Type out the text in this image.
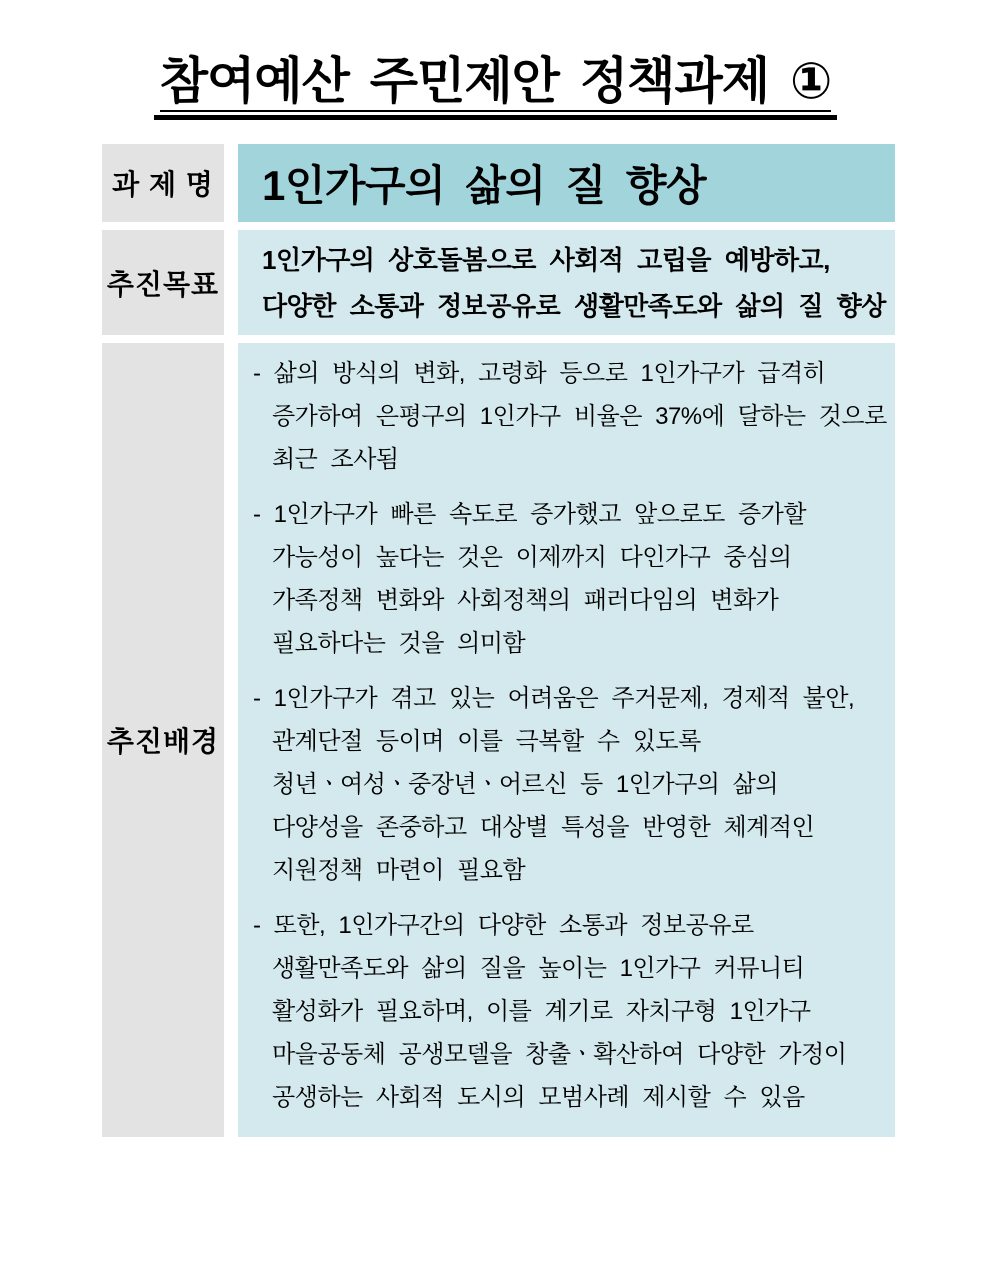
참여예산 주민제안 정책과제 ①
과 제 명 1인가구의 삶의 질 향상
추진목표
1인가구의 상호돌봄으로 사회적 고립을 예방하고,
다양한 소통과 정보공유로 생활만족도와 삶의 질 향상
추진배경
- 삶의 방식의 변화, 고령화 등으로 1인가구가 급격히
증가하여 은평구의 1인가구 비율은 37%에 달하는 것으로
최근 조사됨
- 1인가구가 빠른 속도로 증가했고 앞으로도 증가할
가능성이 높다는 것은 이제까지 다인가구 중심의
가족정책 변화와 사회정책의 패러다임의 변화가
필요하다는 것을 의미함
- 1인가구가 겪고 있는 어려움은 주거문제, 경제적 불안,
관계단절 등이며 이를 극복할 수 있도록
청년ㆍ여성ㆍ중장년ㆍ어르신 등 1인가구의 삶의
다양성을 존중하고 대상별 특성을 반영한 체계적인
지원정책 마련이 필요함
- 또한, 1인가구간의 다양한 소통과 정보공유로
생활만족도와 삶의 질을 높이는 1인가구 커뮤니티
활성화가 필요하며, 이를 계기로 자치구형 1인가구
마을공동체 공생모델을 창출ㆍ확산하여 다양한 가정이
공생하는 사회적 도시의 모범사례 제시할 수 있음
